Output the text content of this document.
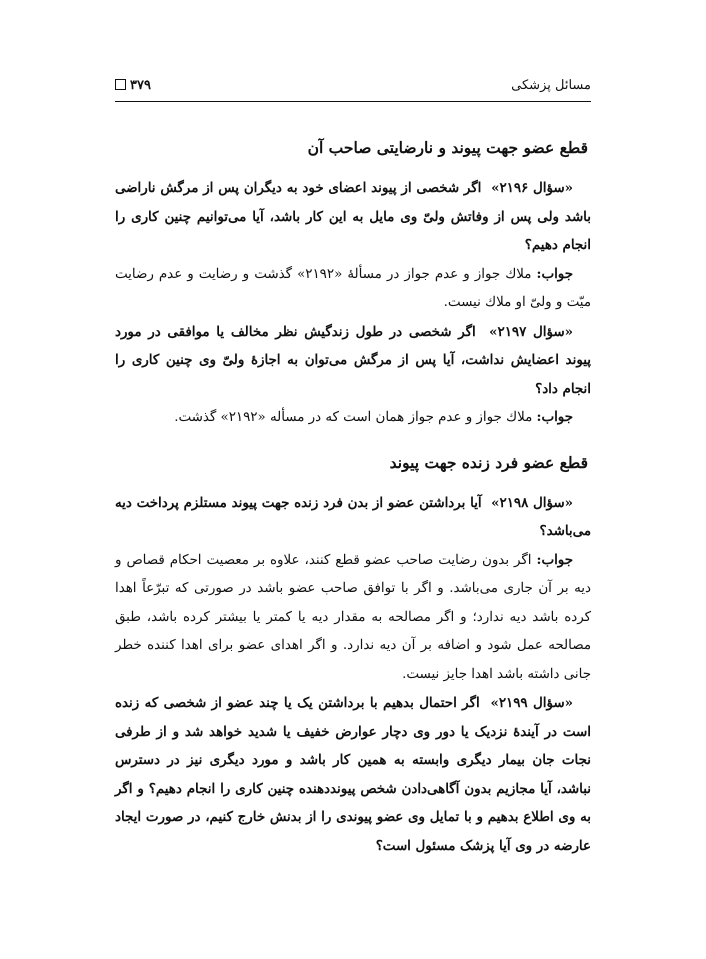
مسائل پزشکی
۳۷۹
قطع عضو جهت پیوند و نارضایتی صاحب آن

«سؤال ۲۱۹۶»  اگر شخصی از پیوند اعضای خود به دیگران پس از مرگش ناراضی باشد ولی پس از وفاتش ولیّ وی مایل به این کار باشد، آیا می‌توانیم چنین کاری را انجام دهیم؟

جواب: ملاك جواز و عدم جواز در مسألهٔ «۲۱۹۲» گذشت و رضایت و عدم رضایت میّت و ولیّ او ملاك نیست.

«سؤال ۲۱۹۷»  اگر شخصی در طول زندگیش نظر مخالف یا موافقی در مورد پیوند اعضایش نداشت، آیا پس از مرگش می‌توان به اجازهٔ ولیّ وی چنین کاری را انجام داد؟

جواب: ملاك جواز و عدم جواز همان است که در مسأله «۲۱۹۲» گذشت.

قطع عضو فرد زنده جهت پیوند

«سؤال ۲۱۹۸»  آیا برداشتن عضو از بدن فرد زنده جهت پیوند مستلزم پرداخت دیه می‌باشد؟

جواب: اگر بدون رضایت صاحب عضو قطع کنند، علاوه بر معصیت احکام قصاص و دیه بر آن جاری می‌باشد. و اگر با توافق صاحب عضو باشد در صورتی که تبرّعاً اهدا کرده باشد دیه ندارد؛ و اگر مصالحه به مقدار دیه یا کمتر یا بیشتر کرده باشد، طبق مصالحه عمل شود و اضافه بر آن دیه ندارد. و اگر اهدای عضو برای اهدا کننده خطر جانی داشته باشد اهدا جایز نیست.

«سؤال ۲۱۹۹»  اگر احتمال بدهیم با برداشتن یک یا چند عضو از شخصی که زنده است در آیندهٔ نزدیک یا دور وی دچار عوارض خفیف یا شدید خواهد شد و از طرفی نجات جان بیمار دیگری وابسته به همین کار باشد و مورد دیگری نیز در دسترس نباشد، آیا مجازیم بدون آگاهی‌دادن شخص پیونددهنده چنین کاری را انجام دهیم؟ و اگر به وی اطلاع بدهیم و با تمایل وی عضو پیوندی را از بدنش خارج کنیم، در صورت ایجاد عارضه در وی آیا پزشک مسئول است؟
